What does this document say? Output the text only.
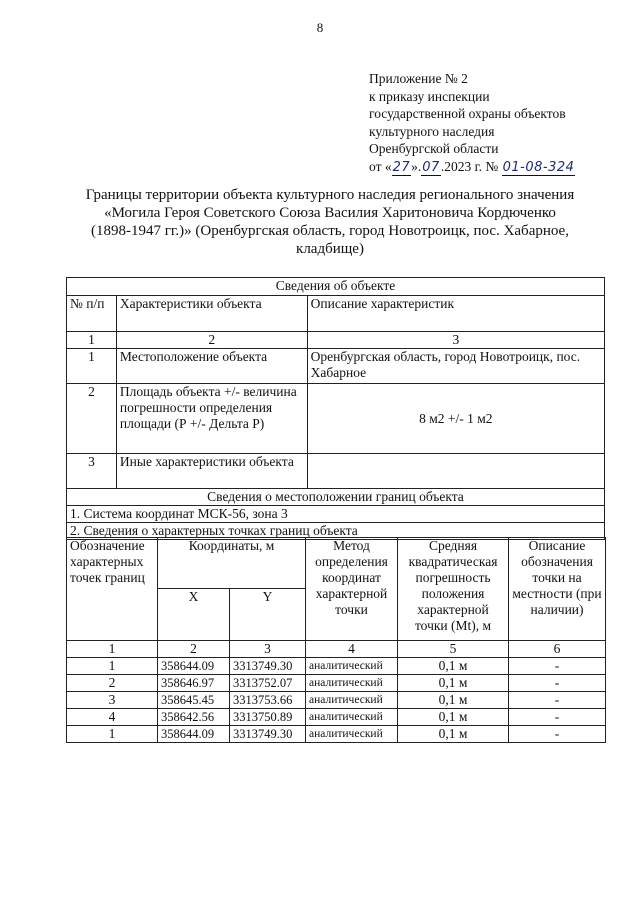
8
Приложение № 2
к приказу инспекции
государственной охраны объектов
культурного наследия
Оренбургской области
от «27».07.2023 г. № 01-08-324
Границы территории объекта культурного наследия регионального значения
«Могила Героя Советского Союза Василия Харитоновича Кордюченко
(1898-1947 гг.)» (Оренбургская область, город Новотроицк, пос. Хабарное,
кладбище)
Сведения об объекте		
№ п/п	Характеристики объекта	Описание характеристик
1	2	3
1	Местоположение объекта	Оренбургская область, город Новотроицк, пос. Хабарное
2	Площадь объекта +/- величина погрешности определения площади (Р +/- Дельта Р)	8 м2 +/- 1 м2
3	Иные характеристики объекта	
Сведения о местоположении границ объекта		
1. Система координат МСК-56, зона 3		
2. Сведения о характерных точках границ объекта		
Обозначение характерных точек границ	Координаты, м		Метод определения координат характерной точки	Средняя квадратическая погрешность положения характерной точки (Mt), м	Описание обозначения точки на местности (при наличии)
	X	Y			
1	2	3	4	5	6
1	358644.09	3313749.30	аналитический	0,1 м	-
2	358646.97	3313752.07	аналитический	0,1 м	-
3	358645.45	3313753.66	аналитический	0,1 м	-
4	358642.56	3313750.89	аналитический	0,1 м	-
1	358644.09	3313749.30	аналитический	0,1 м	-
